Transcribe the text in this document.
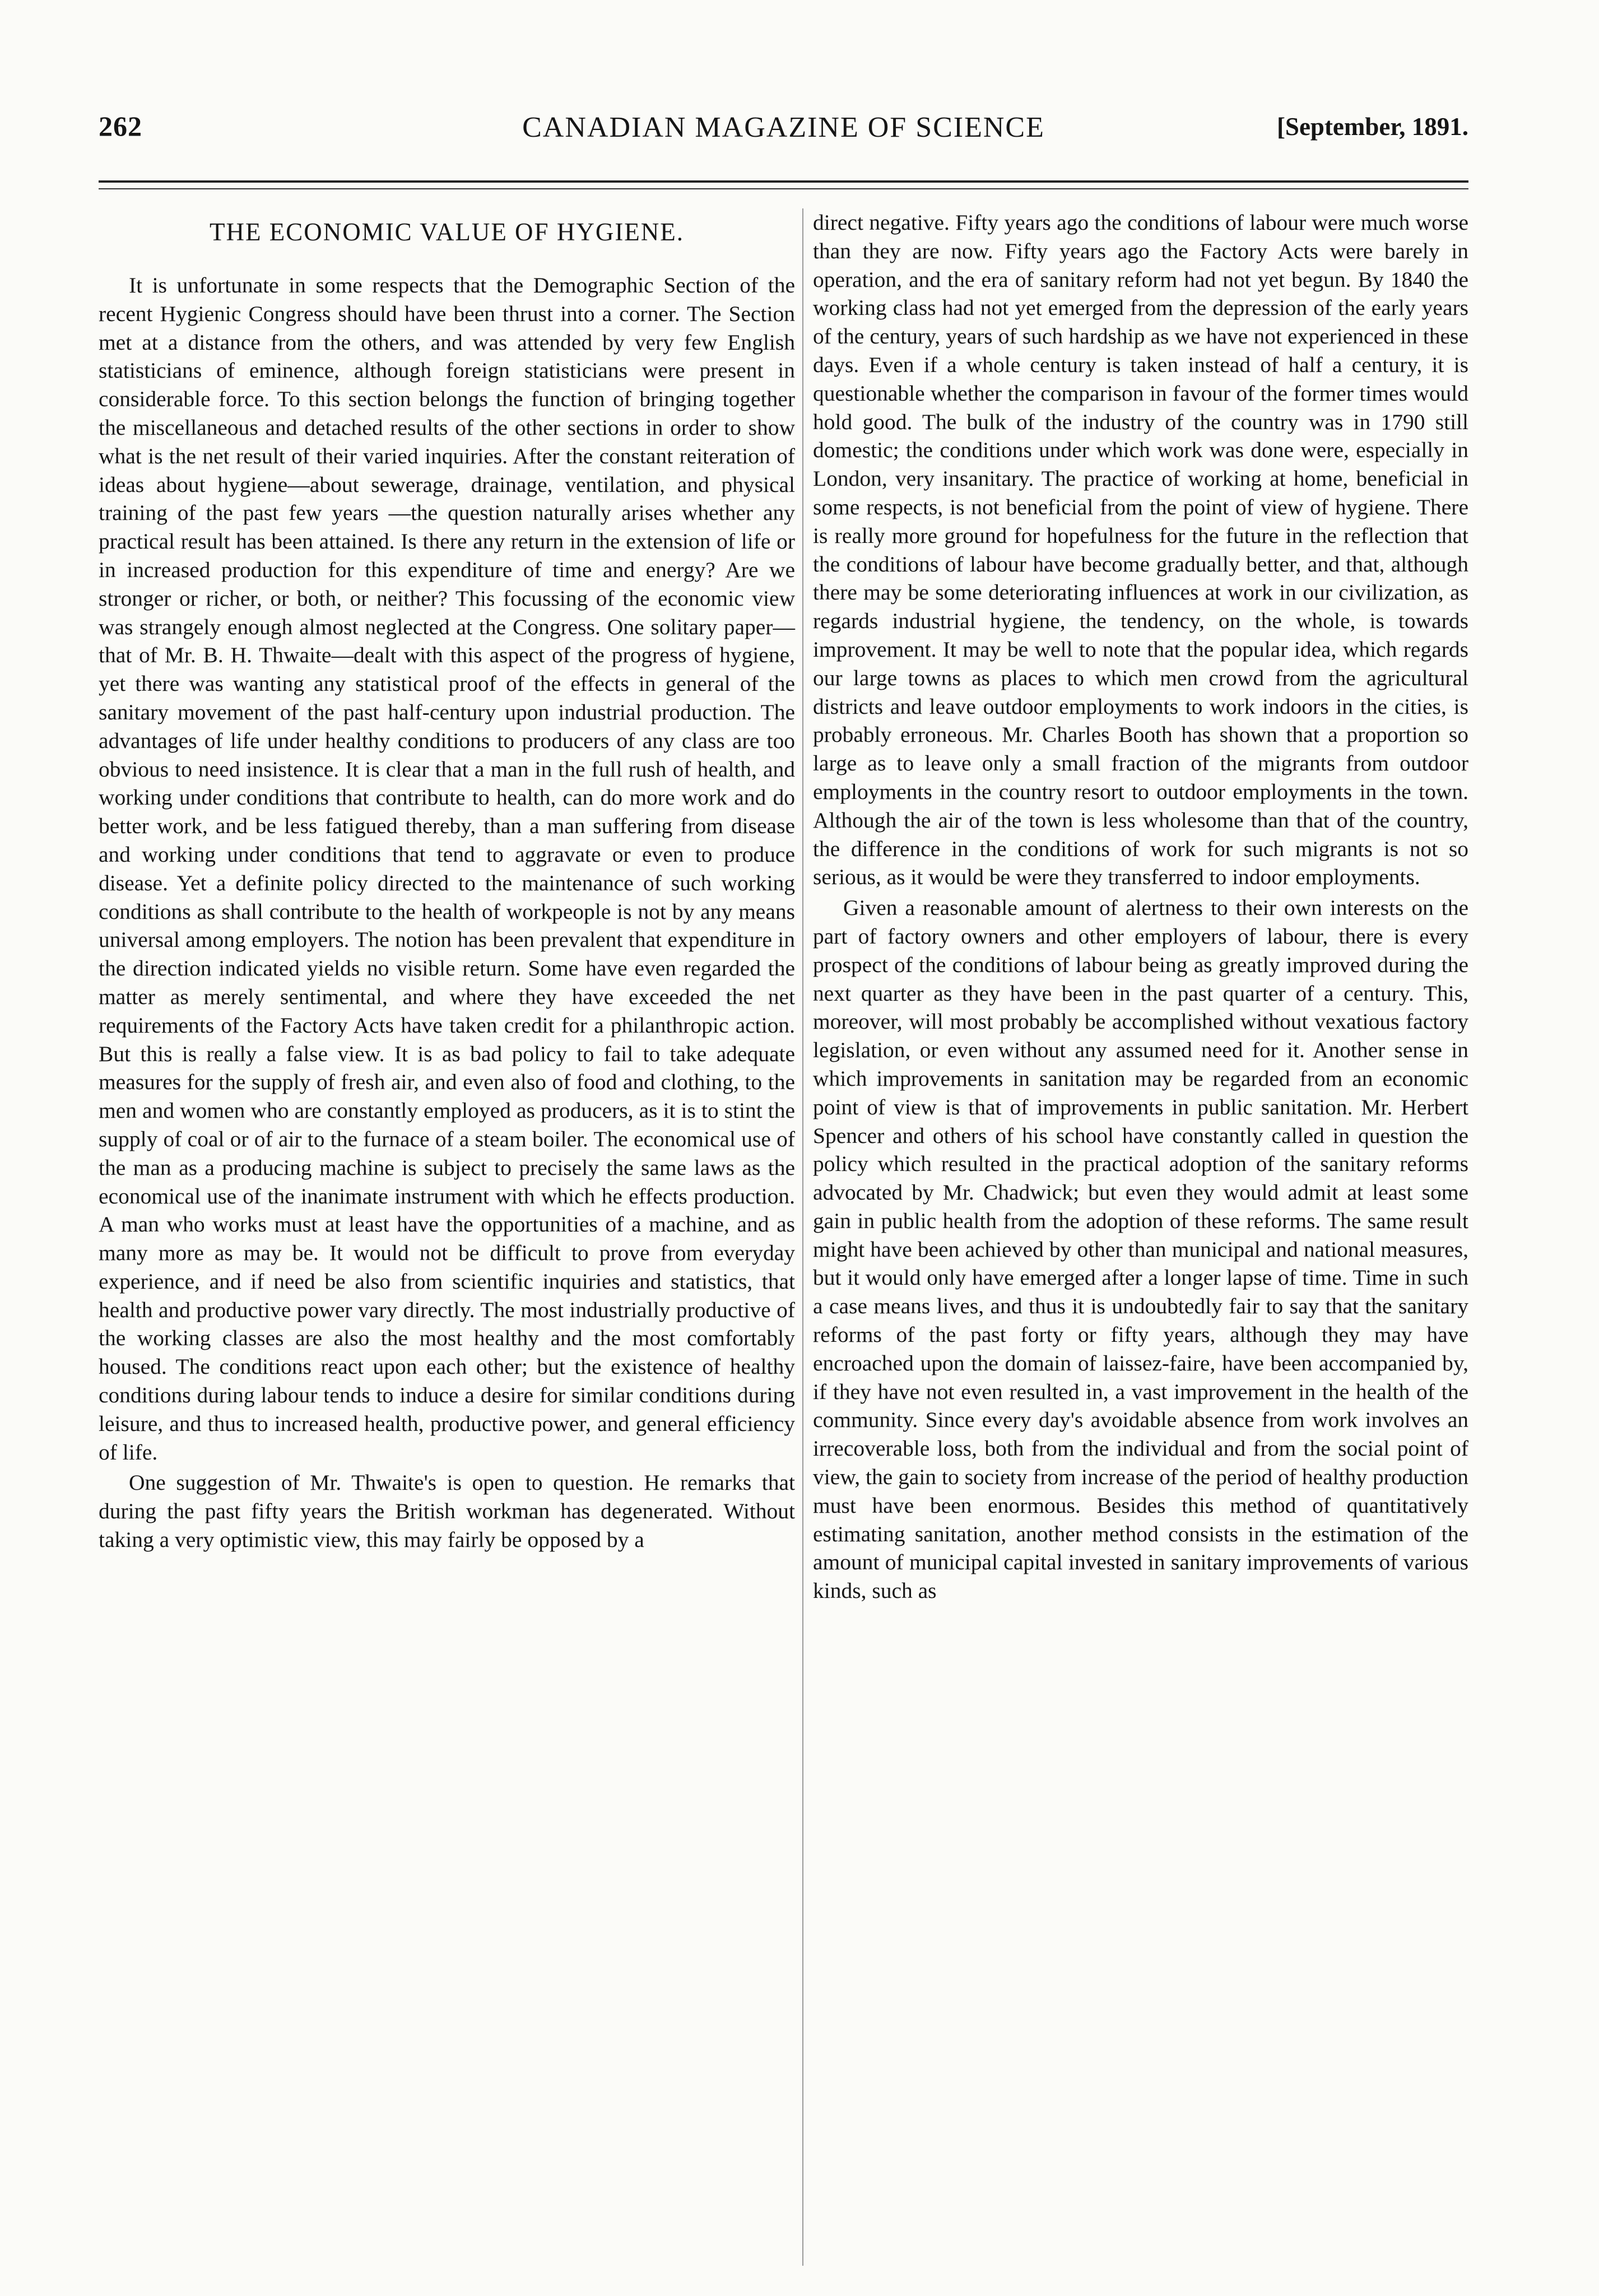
262	CANADIAN MAGAZINE OF SCIENCE	[September, 1891.
THE ECONOMIC VALUE OF HYGIENE.

It is unfortunate in some respects that the Demographic Section of the recent Hygienic Congress should have been thrust into a corner. The Section met at a distance from the others, and was attended by very few English statisticians of eminence, although foreign statisticians were present in considerable force. To this section belongs the function of bringing together the miscellaneous and detached results of the other sections in order to show what is the net result of their varied inquiries. After the constant reiteration of ideas about hygiene—about sewerage, drainage, ventilation, and physical training of the past few years —the question naturally arises whether any practical result has been attained. Is there any return in the extension of life or in increased production for this expenditure of time and energy? Are we stronger or richer, or both, or neither? This focussing of the economic view was strangely enough almost neglected at the Congress. One solitary paper—that of Mr. B. H. Thwaite—dealt with this aspect of the progress of hygiene, yet there was wanting any statistical proof of the effects in general of the sanitary movement of the past half-century upon industrial production. The advantages of life under healthy conditions to producers of any class are too obvious to need insistence. It is clear that a man in the full rush of health, and working under conditions that contribute to health, can do more work and do better work, and be less fatigued thereby, than a man suffering from disease and working under conditions that tend to aggravate or even to produce disease. Yet a definite policy directed to the maintenance of such working conditions as shall contribute to the health of workpeople is not by any means universal among employers. The notion has been prevalent that expenditure in the direction indicated yields no visible return. Some have even regarded the matter as merely sentimental, and where they have exceeded the net requirements of the Factory Acts have taken credit for a philanthropic action. But this is really a false view. It is as bad policy to fail to take adequate measures for the supply of fresh air, and even also of food and clothing, to the men and women who are constantly employed as producers, as it is to stint the supply of coal or of air to the furnace of a steam boiler. The economical use of the man as a producing machine is subject to precisely the same laws as the economical use of the inanimate instrument with which he effects production. A man who works must at least have the opportunities of a machine, and as many more as may be. It would not be difficult to prove from everyday experience, and if need be also from scientific inquiries and statistics, that health and productive power vary directly. The most industrially productive of the working classes are also the most healthy and the most comfortably housed. The conditions react upon each other; but the existence of healthy conditions during labour tends to induce a desire for similar conditions during leisure, and thus to increased health, productive power, and general efficiency of life.

One suggestion of Mr. Thwaite's is open to question. He remarks that during the past fifty years the British workman has degenerated. Without taking a very optimistic view, this may fairly be opposed by a

direct negative. Fifty years ago the conditions of labour were much worse than they are now. Fifty years ago the Factory Acts were barely in operation, and the era of sanitary reform had not yet begun. By 1840 the working class had not yet emerged from the depression of the early years of the century, years of such hardship as we have not experienced in these days. Even if a whole century is taken instead of half a century, it is questionable whether the comparison in favour of the former times would hold good. The bulk of the industry of the country was in 1790 still domestic; the conditions under which work was done were, especially in London, very insanitary. The practice of working at home, beneficial in some respects, is not beneficial from the point of view of hygiene. There is really more ground for hopefulness for the future in the reflection that the conditions of labour have become gradually better, and that, although there may be some deteriorating influences at work in our civilization, as regards industrial hygiene, the tendency, on the whole, is towards improvement. It may be well to note that the popular idea, which regards our large towns as places to which men crowd from the agricultural districts and leave outdoor employments to work indoors in the cities, is probably erroneous. Mr. Charles Booth has shown that a proportion so large as to leave only a small fraction of the migrants from outdoor employments in the country resort to outdoor employments in the town. Although the air of the town is less wholesome than that of the country, the difference in the conditions of work for such migrants is not so serious, as it would be were they transferred to indoor employments.

Given a reasonable amount of alertness to their own interests on the part of factory owners and other employers of labour, there is every prospect of the conditions of labour being as greatly improved during the next quarter as they have been in the past quarter of a century. This, moreover, will most probably be accomplished without vexatious factory legislation, or even without any assumed need for it. Another sense in which improvements in sanitation may be regarded from an economic point of view is that of improvements in public sanitation. Mr. Herbert Spencer and others of his school have constantly called in question the policy which resulted in the practical adoption of the sanitary reforms advocated by Mr. Chadwick; but even they would admit at least some gain in public health from the adoption of these reforms. The same result might have been achieved by other than municipal and national measures, but it would only have emerged after a longer lapse of time. Time in such a case means lives, and thus it is undoubtedly fair to say that the sanitary reforms of the past forty or fifty years, although they may have encroached upon the domain of laissez-faire, have been accompanied by, if they have not even resulted in, a vast improvement in the health of the community. Since every day's avoidable absence from work involves an irrecoverable loss, both from the individual and from the social point of view, the gain to society from increase of the period of healthy production must have been enormous. Besides this method of quantitatively estimating sanitation, another method consists in the estimation of the amount of municipal capital invested in sanitary improvements of various kinds, such as
